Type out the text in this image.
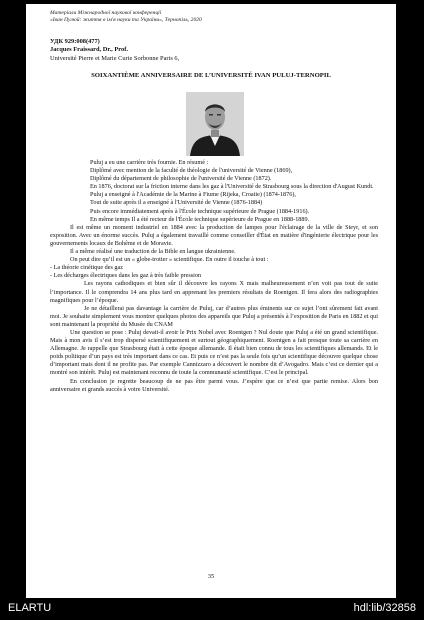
Матеріали Міжнародної наукової конференції
«Іван Пулюй: життя в ім'я науки та України», Тернопіль, 2020
УДК 929:008(477)
Jacques Fraissard, Dr., Prof.
Université Pierre et Marie Curie Sorbonne Paris 6,
SOIXANTIÈME ANNIVERSAIRE DE L’UNIVERSITÉ IVAN PULUJ-TERNOPIL

Puluj a eu une carrière très fournie. En résumé :

Diplômé avec mention de la faculté de théologie de l'université de Vienne (1869),

Diplômé du département de philosophie de l'université de Vienne (1872).

En 1876, doctorat sur la friction interne dans les gaz à l'Université de Strasbourg sous la direction d'August Kundt.

Puluj a enseigné à l'Académie de la Marine à Fiume (Rijeka, Croatie) (1874-1876),

Tout de suite après il a enseigné à l'Université de Vienne (1876-1884)

Puis encore immédiatement après à l'École technique supérieure de Prague (1884-1916).

En même temps Il a été recteur de l'École technique supérieure de Prague en 1888-1889.

Il est même un moment industriel en 1884 avec la production de lampes pour l'éclairage de la ville de Steyr, et son exposition. Avec un énorme succès. Puluj a également travaillé comme conseiller d'État en matière d'ingénierie électrique pour les gouvernements locaux de Bohême et de Moravie.

Il a même réalisé une traduction de la Bible en langue ukrainienne.

On peut dire qu’il est un « globe-trotter » scientifique. En outre il touche à tout :

- La théorie cinétique des gaz

- Les décharges électriques dans les gaz à très faible pression

Les rayons cathodiques et bien sûr il découvre les rayons X mais malheureusement n’en voit pas tout de suite l’importance. Il le comprendra 14 ans plus tard en apprenant les premiers résultats de Roentgen. Il fera alors des radiographies magnifiques pour l’époque.

Je ne détaillerai pas davantage la carrière de Puluj, car d’autres plus éminents sur ce sujet l’ont sûrement fait avant moi. Je souhaite simplement vous montrer quelques photos des appareils que Puluj a présentés à l’exposition de Paris en 1882 et qui sont maintenant la propriété du Musée du CNAM

Une question se pose : Puluj devait-il avoir le Prix Nobel avec Roentgen ? Nul doute que Puluj a été un grand scientifique. Mais à mon avis il s’est trop dispersé scientifiquement et surtout géographiquement. Roentgen a fait presque toute sa carrière en Allemagne. Je rappelle que Strasbourg était à cette époque allemande. Il était bien connu de tous les scientifiques allemands. Et le poids politique d’un pays est très important dans ce cas. Et puis ce n’est pas la seule fois qu’un scientifique découvre quelque chose d’important mais dont il ne profite pas. Par exemple Cannizzaro a découvert le nombre dit d’Avogadro. Mais c’est ce dernier qui a montré son intérêt. Puluj est maintenant reconnu de toute la communauté scientifique. C’est le principal.

En conclusion je regrette beaucoup de ne pas être parmi vous. J’espère que ce n’est que partie remise. Alors bon anniversaire et grands succès à votre Université.

35
ELARTU	hdl:lib/32858
